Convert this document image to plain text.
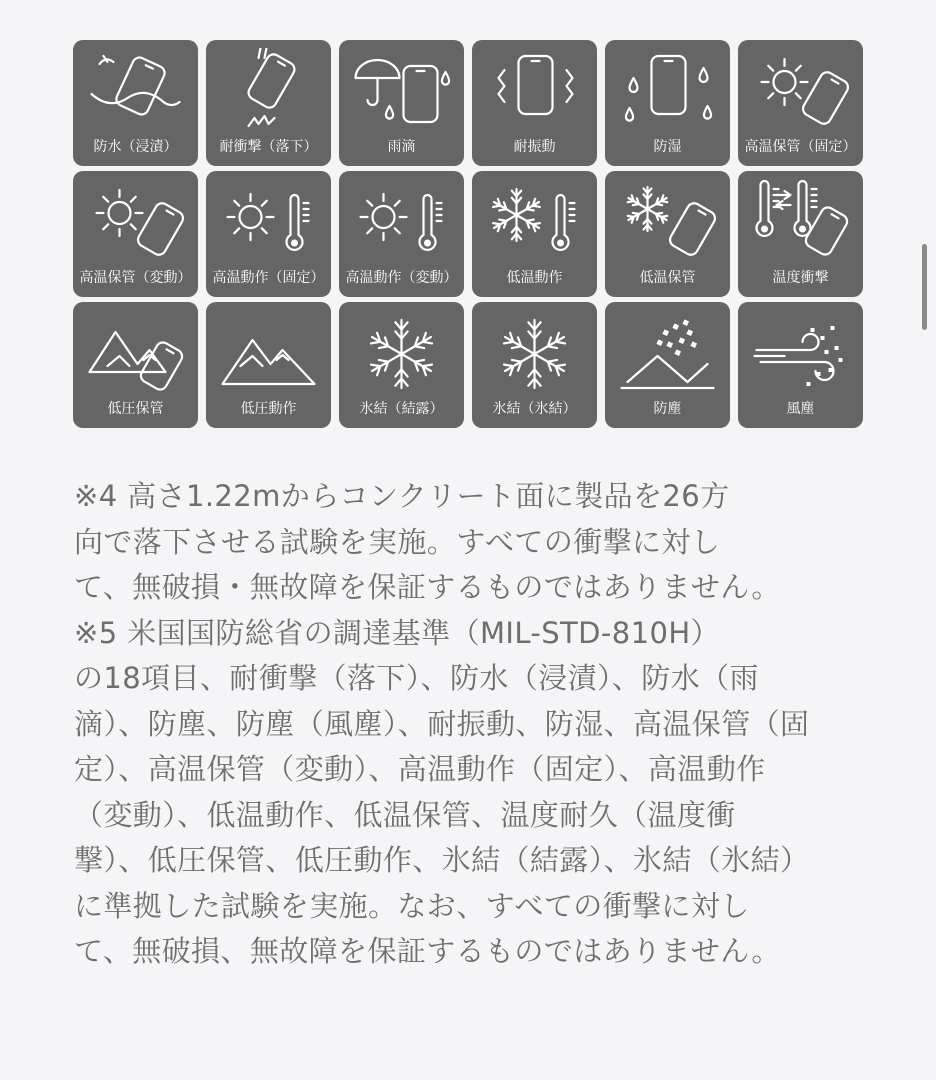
防水（浸漬）	耐衝撃（落下）	雨滴	耐振動	防湿	高温保管（固定）
高温保管（変動）	高温動作（固定）	高温動作（変動）	低温動作	低温保管	温度衝撃
低圧保管	低圧動作	氷結（結露）	氷結（氷結）	防塵	風塵
※4 高さ1.22mからコンクリート面に製品を26方
向で落下させる試験を実施。すべての衝撃に対し
て、無破損・無故障を保証するものではありません。
※5 米国国防総省の調達基準（MIL-STD-810H）
の18項目、耐衝撃（落下）、防水（浸漬）、防水（雨
滴）、防塵、防塵（風塵）、耐振動、防湿、高温保管（固
定）、高温保管（変動）、高温動作（固定）、高温動作
（変動）、低温動作、低温保管、温度耐久（温度衝
撃）、低圧保管、低圧動作、氷結（結露）、氷結（氷結）
に準拠した試験を実施。なお、すべての衝撃に対し
て、無破損、無故障を保証するものではありません。
